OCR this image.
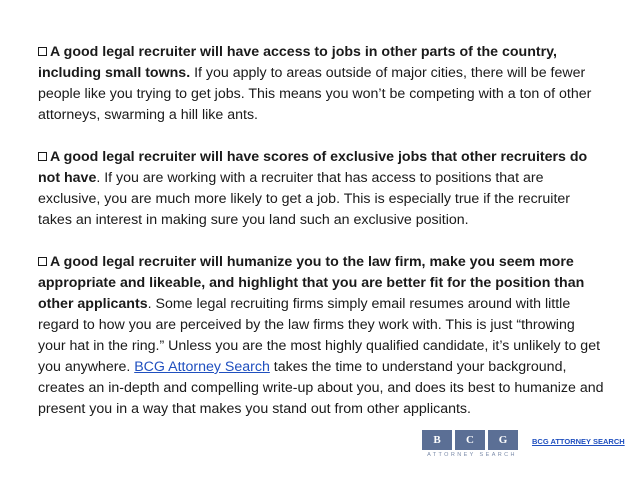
A good legal recruiter will have access to jobs in other parts of the country, including small towns. If you apply to areas outside of major cities, there will be fewer people like you trying to get jobs. This means you won’t be competing with a ton of other attorneys, swarming a hill like ants.

A good legal recruiter will have scores of exclusive jobs that other recruiters do not have. If you are working with a recruiter that has access to positions that are exclusive, you are much more likely to get a job. This is especially true if the recruiter takes an interest in making sure you land such an exclusive position.

A good legal recruiter will humanize you to the law firm, make you seem more appropriate and likeable, and highlight that you are better fit for the position than other applicants. Some legal recruiting firms simply email resumes around with little regard to how you are perceived by the law firms they work with. This is just “throwing your hat in the ring.” Unless you are the most highly qualified candidate, it’s unlikely to get you anywhere. BCG Attorney Search takes the time to understand your background, creates an in-depth and compelling write-up about you, and does its best to humanize and present you in a way that makes you stand out from other applicants.

B	C	G
ATTORNEY SEARCH
BCG ATTORNEY SEARCH
